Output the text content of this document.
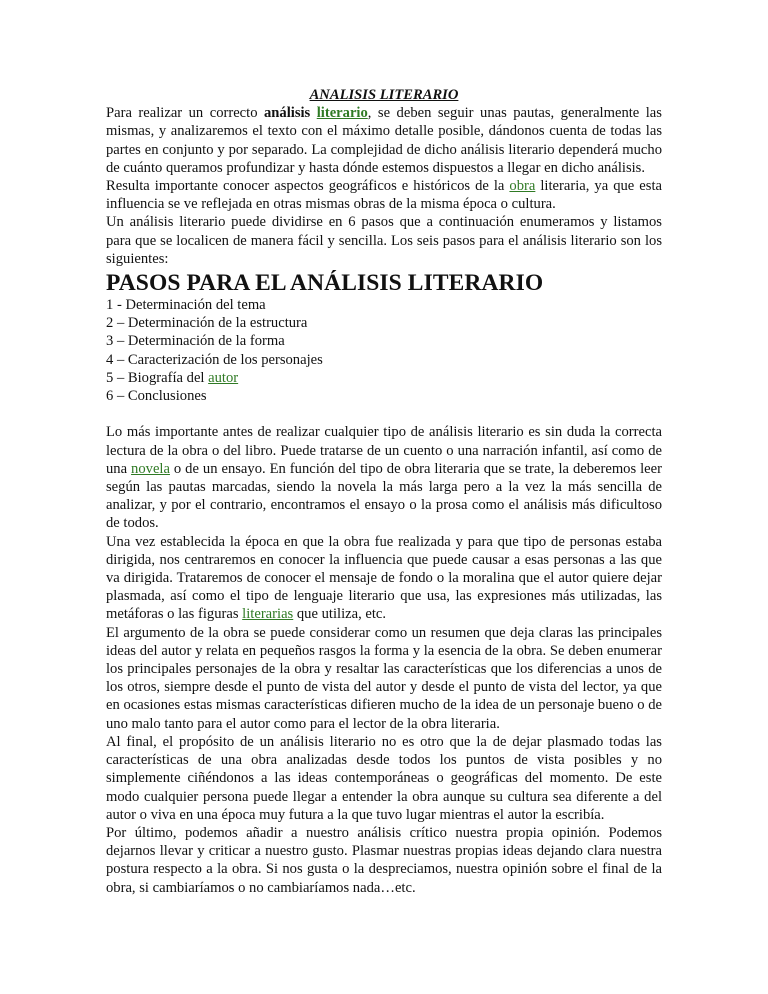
ANALISIS LITERARIO

Para realizar un correcto análisis literario, se deben seguir unas pautas, generalmente las mismas, y analizaremos el texto con el máximo detalle posible, dándonos cuenta de todas las partes en conjunto y por separado. La complejidad de dicho análisis literario dependerá mucho de cuánto queramos profundizar y hasta dónde estemos dispuestos a llegar en dicho análisis.

Resulta importante conocer aspectos geográficos e históricos de la obra literaria, ya que esta influencia se ve reflejada en otras mismas obras de la misma época o cultura.

Un análisis literario puede dividirse en 6 pasos que a continuación enumeramos y listamos para que se localicen de manera fácil y sencilla. Los seis pasos para el análisis literario son los siguientes:

PASOS PARA EL ANÁLISIS LITERARIO
1 - Determinación del tema
2 – Determinación de la estructura
3 – Determinación de la forma
4 – Caracterización de los personajes
5 – Biografía del autor
6 – Conclusiones

Lo más importante antes de realizar cualquier tipo de análisis literario es sin duda la correcta lectura de la obra o del libro. Puede tratarse de un cuento o una narración infantil, así como de una novela o de un ensayo. En función del tipo de obra literaria que se trate, la deberemos leer según las pautas marcadas, siendo la novela la más larga pero a la vez la más sencilla de analizar, y por el contrario, encontramos el ensayo o la prosa como el análisis más dificultoso de todos.

Una vez establecida la época en que la obra fue realizada y para que tipo de personas estaba dirigida, nos centraremos en conocer la influencia que puede causar a esas personas a las que va dirigida. Trataremos de conocer el mensaje de fondo o la moralina que el autor quiere dejar plasmada, así como el tipo de lenguaje literario que usa, las expresiones más utilizadas, las metáforas o las figuras literarias que utiliza, etc.

El argumento de la obra se puede considerar como un resumen que deja claras las principales ideas del autor y relata en pequeños rasgos la forma y la esencia de la obra. Se deben enumerar los principales personajes de la obra y resaltar las características que los diferencias a unos de los otros, siempre desde el punto de vista del autor y desde el punto de vista del lector, ya que en ocasiones estas mismas características difieren mucho de la idea de un personaje bueno o de uno malo tanto para el autor como para el lector de la obra literaria.

Al final, el propósito de un análisis literario no es otro que la de dejar plasmado todas las características de una obra analizadas desde todos los puntos de vista posibles y no simplemente ciñéndonos a las ideas contemporáneas o geográficas del momento. De este modo cualquier persona puede llegar a entender la obra aunque su cultura sea diferente a del autor o viva en una época muy futura a la que tuvo lugar mientras el autor la escribía.

Por último, podemos añadir a nuestro análisis crítico nuestra propia opinión. Podemos dejarnos llevar y criticar a nuestro gusto. Plasmar nuestras propias ideas dejando clara nuestra postura respecto a la obra. Si nos gusta o la despreciamos, nuestra opinión sobre el final de la obra, si cambiaríamos o no cambiaríamos nada…etc.
